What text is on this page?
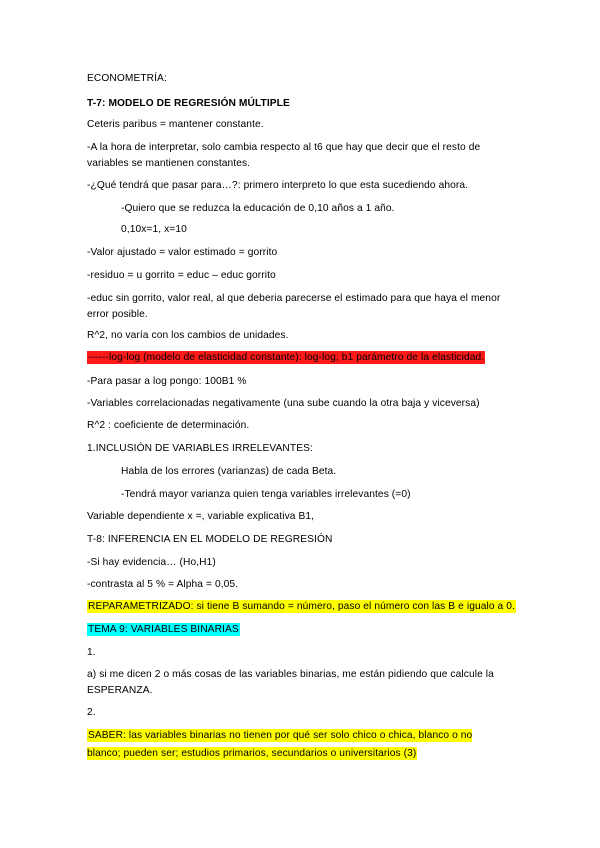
ECONOMETRÍA:
T-7: MODELO DE REGRESIÓN MÚLTIPLE
Ceteris paribus = mantener constante.
-A la hora de interpretar, solo cambia respecto al t6 que hay que decir que el resto de variables se mantienen constantes.
-¿Qué tendrá que pasar para…?: primero interpreto lo que esta sucediendo ahora.
-Quiero que se reduzca la educación de 0,10 años a 1 año.
0,10x=1, x=10
-Valor ajustado = valor estimado = gorrito
-residuo = u gorrito = educ – educ gorrito
-educ sin gorrito, valor real, al que deberia parecerse el estimado para que haya el menor error posible.
R^2, no varía con los cambios de unidades.
------log-log (modelo de elasticidad constante): log-log, b1 parámetro de la elasticidad.
-Para pasar a log pongo: 100B1 %
-Variables correlacionadas negativamente (una sube cuando la otra baja y viceversa)
R^2 : coeficiente de determinación.
1.INCLUSIÓN DE VARIABLES IRRELEVANTES:
Habla de los errores (varianzas) de cada Beta.
-Tendrá mayor varianza quien tenga variables irrelevantes (=0)
Variable dependiente x =, variable explicativa B1,
T-8: INFERENCIA EN EL MODELO DE REGRESIÓN
-Si hay evidencia… (Ho,H1)
-contrasta al 5 % = Alpha = 0,05.
REPARAMETRIZADO: si tiene B sumando = número, paso el número con las B e igualo a 0.
TEMA 9: VARIABLES BINARIAS
1.
a) si me dicen 2 o más cosas de las variables binarias, me están pidiendo que calcule la ESPERANZA.
2.
SABER: las variables binarias no tienen por qué ser solo chico o chica, blanco o no blanco; pueden ser; estudios primarios, secundarios o universitarios (3)
